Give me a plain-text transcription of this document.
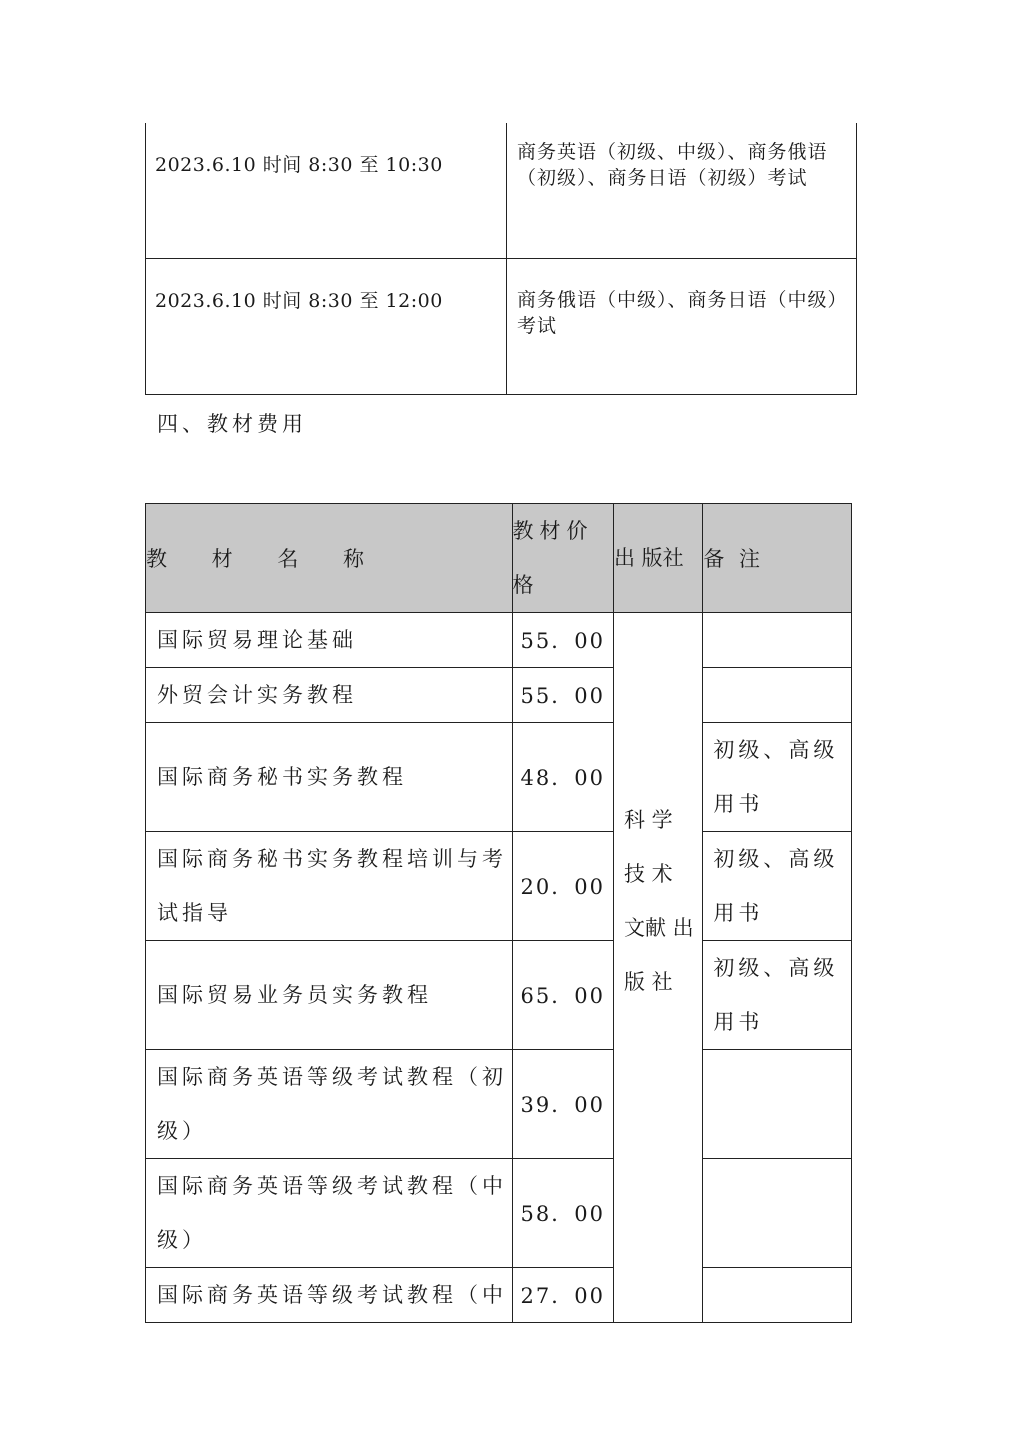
2023.6.10 时间 8:30 至 10:30	商务英语（初级、中级）、商务俄语（初级）、商务日语（初级）考试
2023.6.10 时间 8:30 至 12:00	商务俄语（中级）、商务日语（中级）考试
四、教材费用
教 材 名 称	教材价格	出 版社	备 注
国际贸易理论基础	55．00	科 学 技 术 文献 出 版 社	

外贸会计实务教程	55．00		
国际商务秘书实务教程	48．00		初级、高级用书
国际商务秘书实务教程培训与考试指导	20．00		初级、高级用书
国际贸易业务员实务教程	65．00		初级、高级用书
国际商务英语等级考试教程（初级）	39．00		
国际商务英语等级考试教程（中级）	58．00		
国际商务英语等级考试教程（中	27．00		
